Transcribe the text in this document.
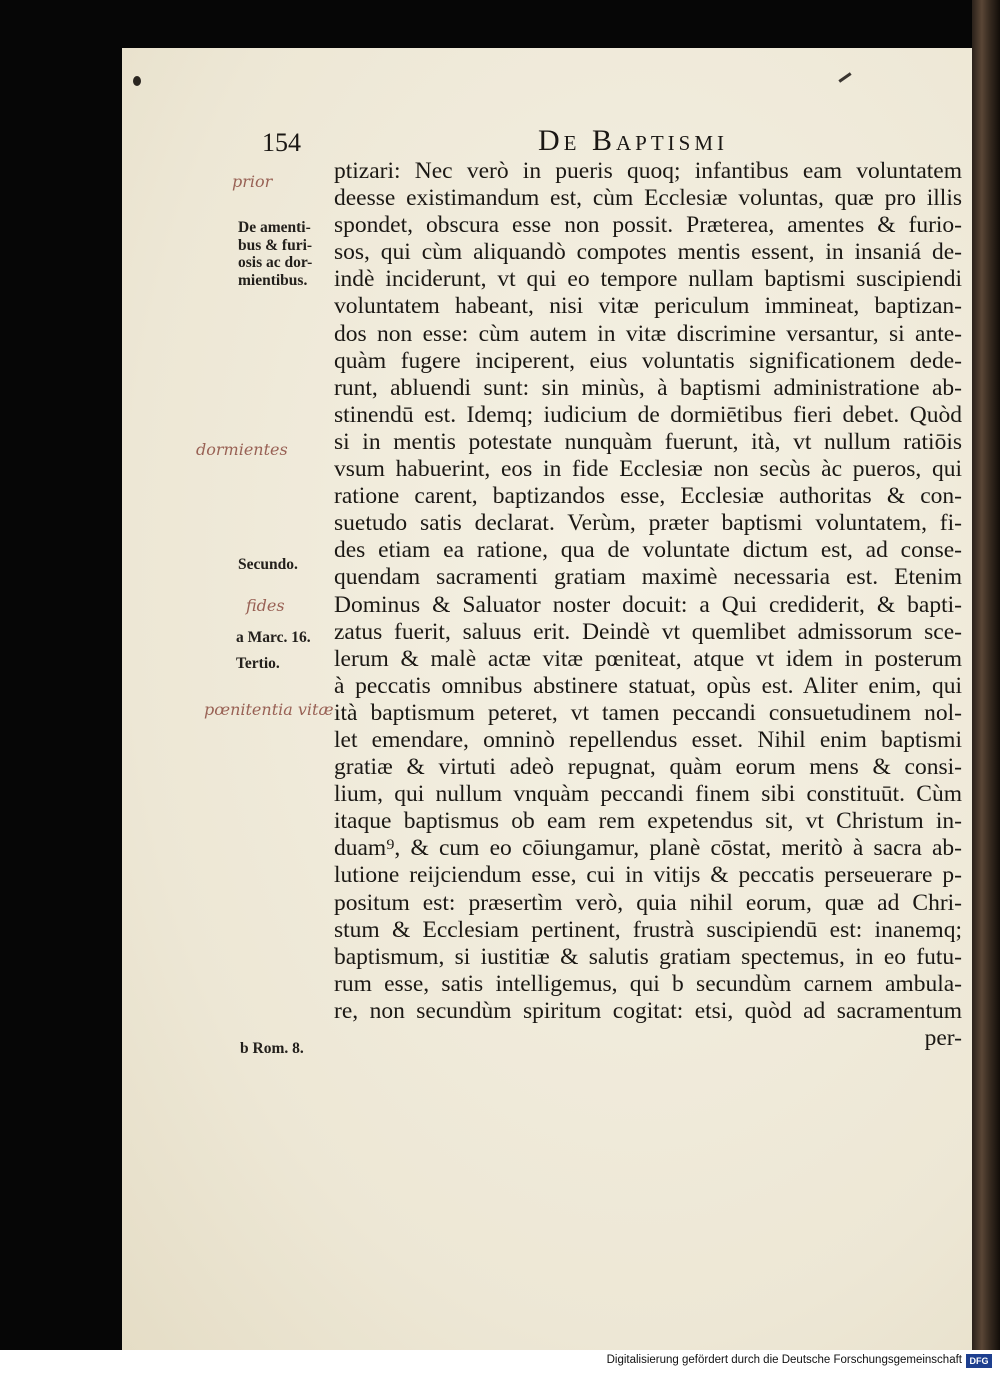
154	De Baptismi
ptizari: Nec verò in pueris quoq; infantibus eam voluntatem
deesse existimandum est, cùm Ecclesiæ voluntas, quæ pro illis
spondet, obscura esse non possit. Præterea, amentes & furio-
sos, qui cùm aliquandò compotes mentis essent, in insaniá de-
indè inciderunt, vt qui eo tempore nullam baptismi suscipiendi
voluntatem habeant, nisi vitæ periculum immineat, baptizan-
dos non esse: cùm autem in vitæ discrimine versantur, si ante-
quàm fugere inciperent, eius voluntatis significationem dede-
runt, abluendi sunt: sin minùs, à baptismi administratione ab-
stinendū est. Idemq; iudicium de dormiētibus fieri debet. Quòd
si in mentis potestate nunquàm fuerunt, ità, vt nullum ratiōis
vsum habuerint, eos in fide Ecclesiæ non secùs àc pueros, qui
ratione carent, baptizandos esse, Ecclesiæ authoritas & con-
suetudo satis declarat. Verùm, præter baptismi voluntatem, fi-
des etiam ea ratione, qua de voluntate dictum est, ad conse-
quendam sacramenti gratiam maximè necessaria est. Etenim
Dominus & Saluator noster docuit: a Qui crediderit, & bapti-
zatus fuerit, saluus erit. Deindè vt quemlibet admissorum sce-
lerum & malè actæ vitæ pœniteat, atque vt idem in posterum
à peccatis omnibus abstinere statuat, opùs est. Aliter enim, qui
ità baptismum peteret, vt tamen peccandi consuetudinem nol-
let emendare, omninò repellendus esset. Nihil enim baptismi
gratiæ & virtuti adeò repugnat, quàm eorum mens & consi-
lium, qui nullum vnquàm peccandi finem sibi constituūt. Cùm
itaque baptismus ob eam rem expetendus sit, vt Christum in-
duam⁹, & cum eo cōiungamur, planè cōstat, meritò à sacra ab-
lutione reijciendum esse, cui in vitijs & peccatis perseuerare p-
positum est: præsertìm verò, quia nihil eorum, quæ ad Chri-
stum & Ecclesiam pertinent, frustrà suscipiendū est: inanemq;
baptismum, si iustitiæ & salutis gratiam spectemus, in eo futu-
rum esse, satis intelligemus, qui b secundùm carnem ambula-
re, non secundùm spiritum cogitat: etsi, quòd ad sacramentum
per-
De amenti-
bus & furi-
osis ac dor-
mientibus.
Secundo.
a Marc. 16.
Tertio.
b Rom. 8.
prior
dormientes
fides
pœnitentia vitæ
Digitalisierung gefördert durch die Deutsche Forschungsgemeinschaft DFG
